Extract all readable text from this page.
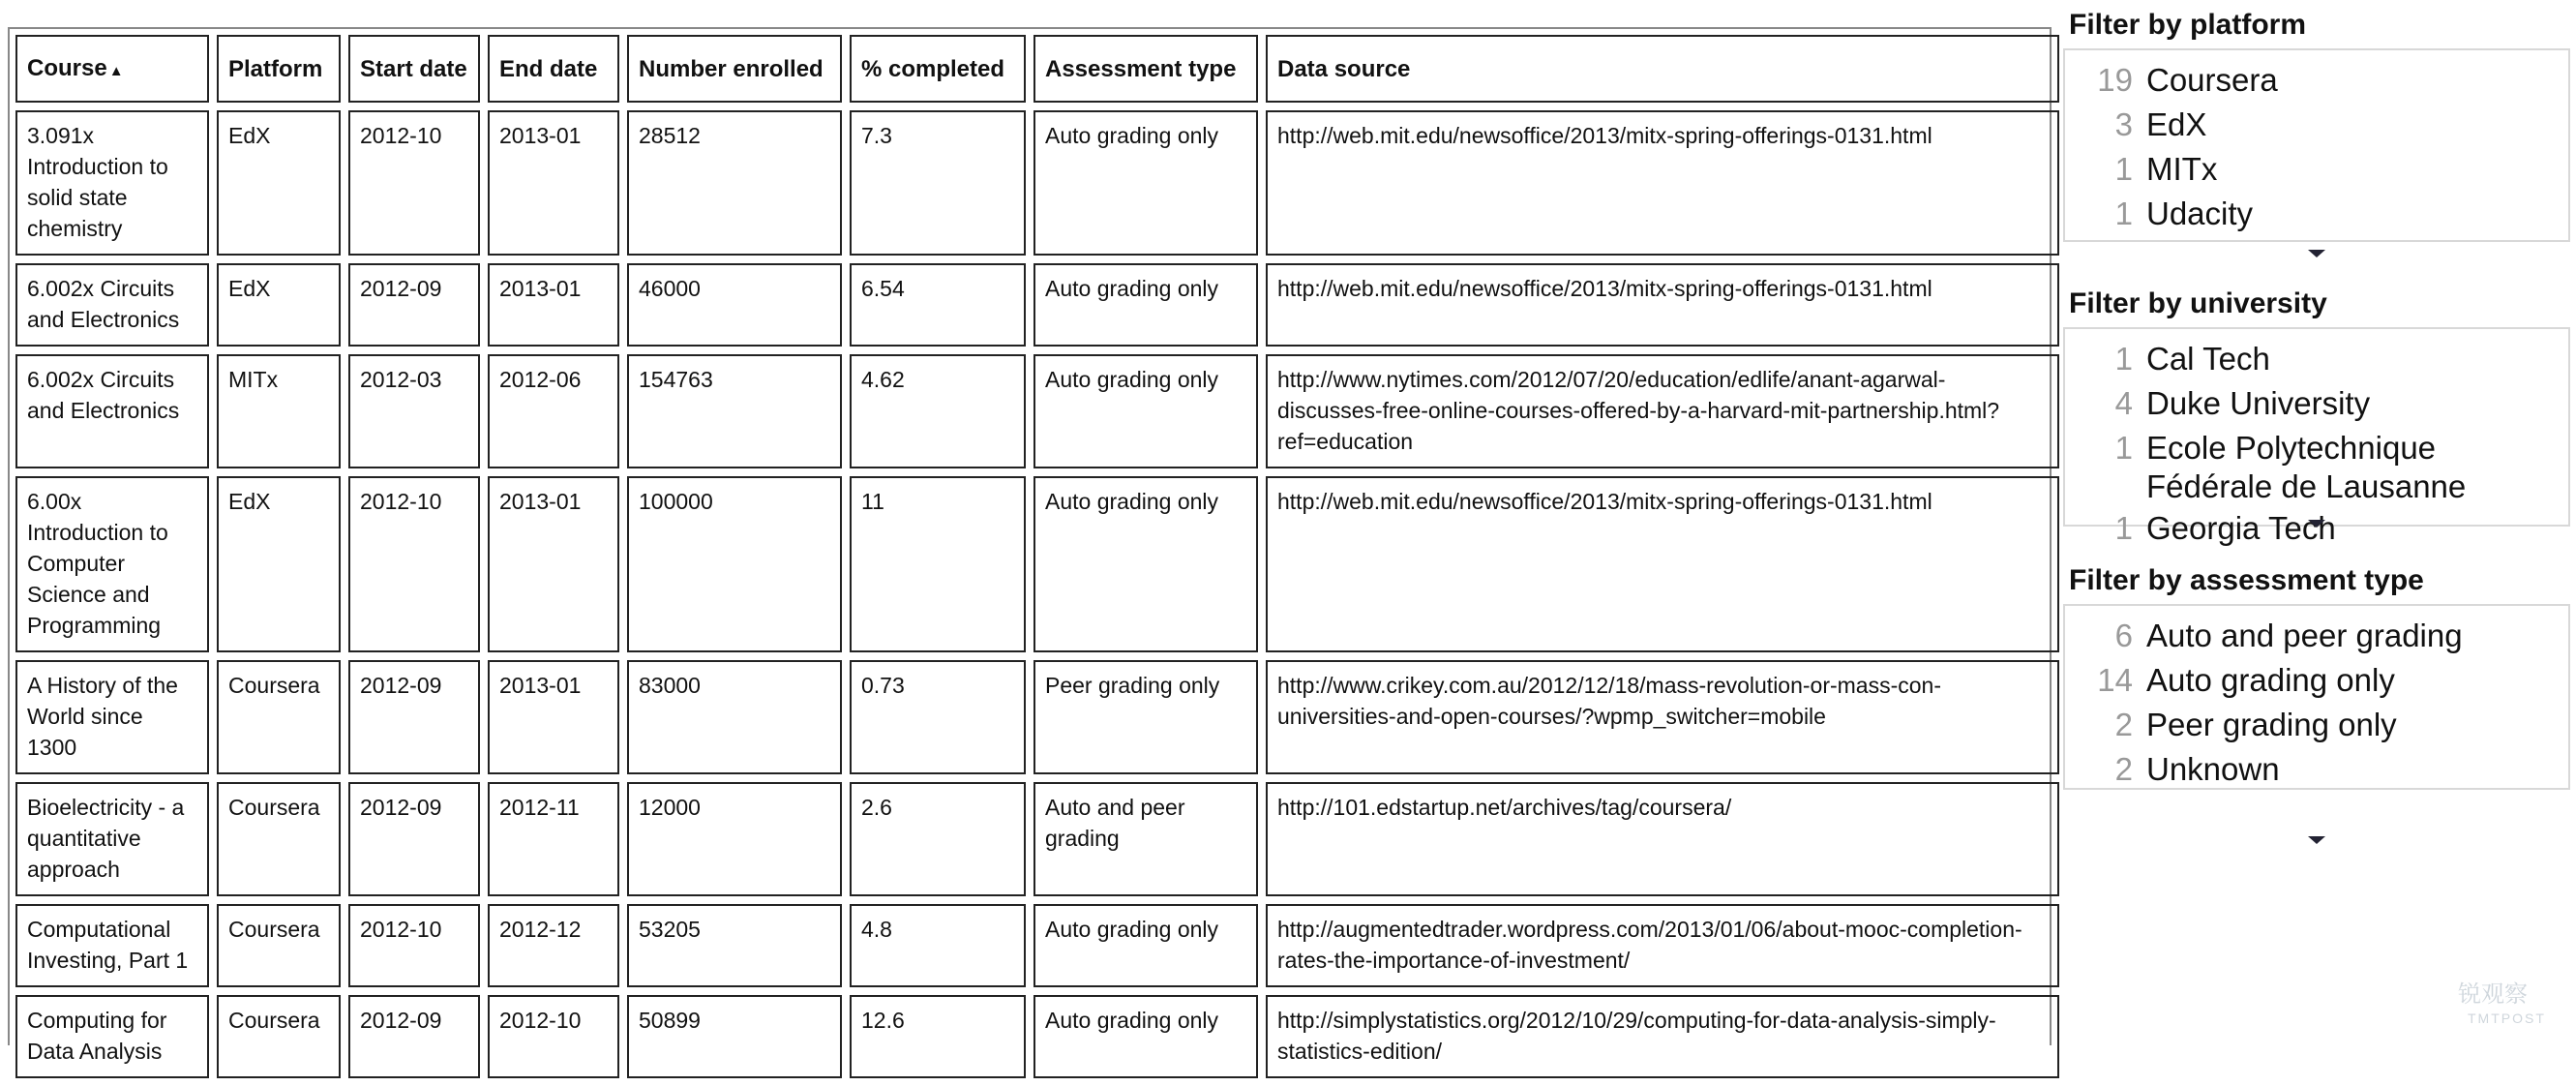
Course ▲	Platform	Start date	End date	Number enrolled	% completed	Assessment type	Data source
3.091x Introduction to solid state chemistry	EdX	2012-10	2013-01	28512	7.3	Auto grading only	http://web.mit.edu/newsoffice/2013/mitx-spring-offerings-0131.html
6.002x Circuits and Electronics	EdX	2012-09	2013-01	46000	6.54	Auto grading only	http://web.mit.edu/newsoffice/2013/mitx-spring-offerings-0131.html
6.002x Circuits and Electronics	MITx	2012-03	2012-06	154763	4.62	Auto grading only	http://www.nytimes.com/2012/07/20/education/edlife/anant-agarwal-discusses-free-online-courses-offered-by-a-harvard-mit-partnership.html?ref=education
6.00x Introduction to Computer Science and Programming	EdX	2012-10	2013-01	100000	11	Auto grading only	http://web.mit.edu/newsoffice/2013/mitx-spring-offerings-0131.html
A History of the World since 1300	Coursera	2012-09	2013-01	83000	0.73	Peer grading only	http://www.crikey.com.au/2012/12/18/mass-revolution-or-mass-con-universities-and-open-courses/?wpmp_switcher=mobile
Bioelectricity - a quantitative approach	Coursera	2012-09	2012-11	12000	2.6	Auto and peer grading	http://101.edstartup.net/archives/tag/coursera/
Computational Investing, Part 1	Coursera	2012-10	2012-12	53205	4.8	Auto grading only	http://augmentedtrader.wordpress.com/2013/01/06/about-mooc-completion-rates-the-importance-of-investment/
Computing for Data Analysis	Coursera	2012-09	2012-10	50899	12.6	Auto grading only	http://simplystatistics.org/2012/10/29/computing-for-data-analysis-simply-statistics-edition/
Filter by platform
19 Coursera
3 EdX
1 MITx
1 Udacity
Filter by university
1 Cal Tech
4 Duke University
1 Ecole Polytechnique Fédérale de Lausanne
1 Georgia Tech
Filter by assessment type
6 Auto and peer grading
14 Auto grading only
2 Peer grading only
2 Unknown
锐观察
TMTPOST
